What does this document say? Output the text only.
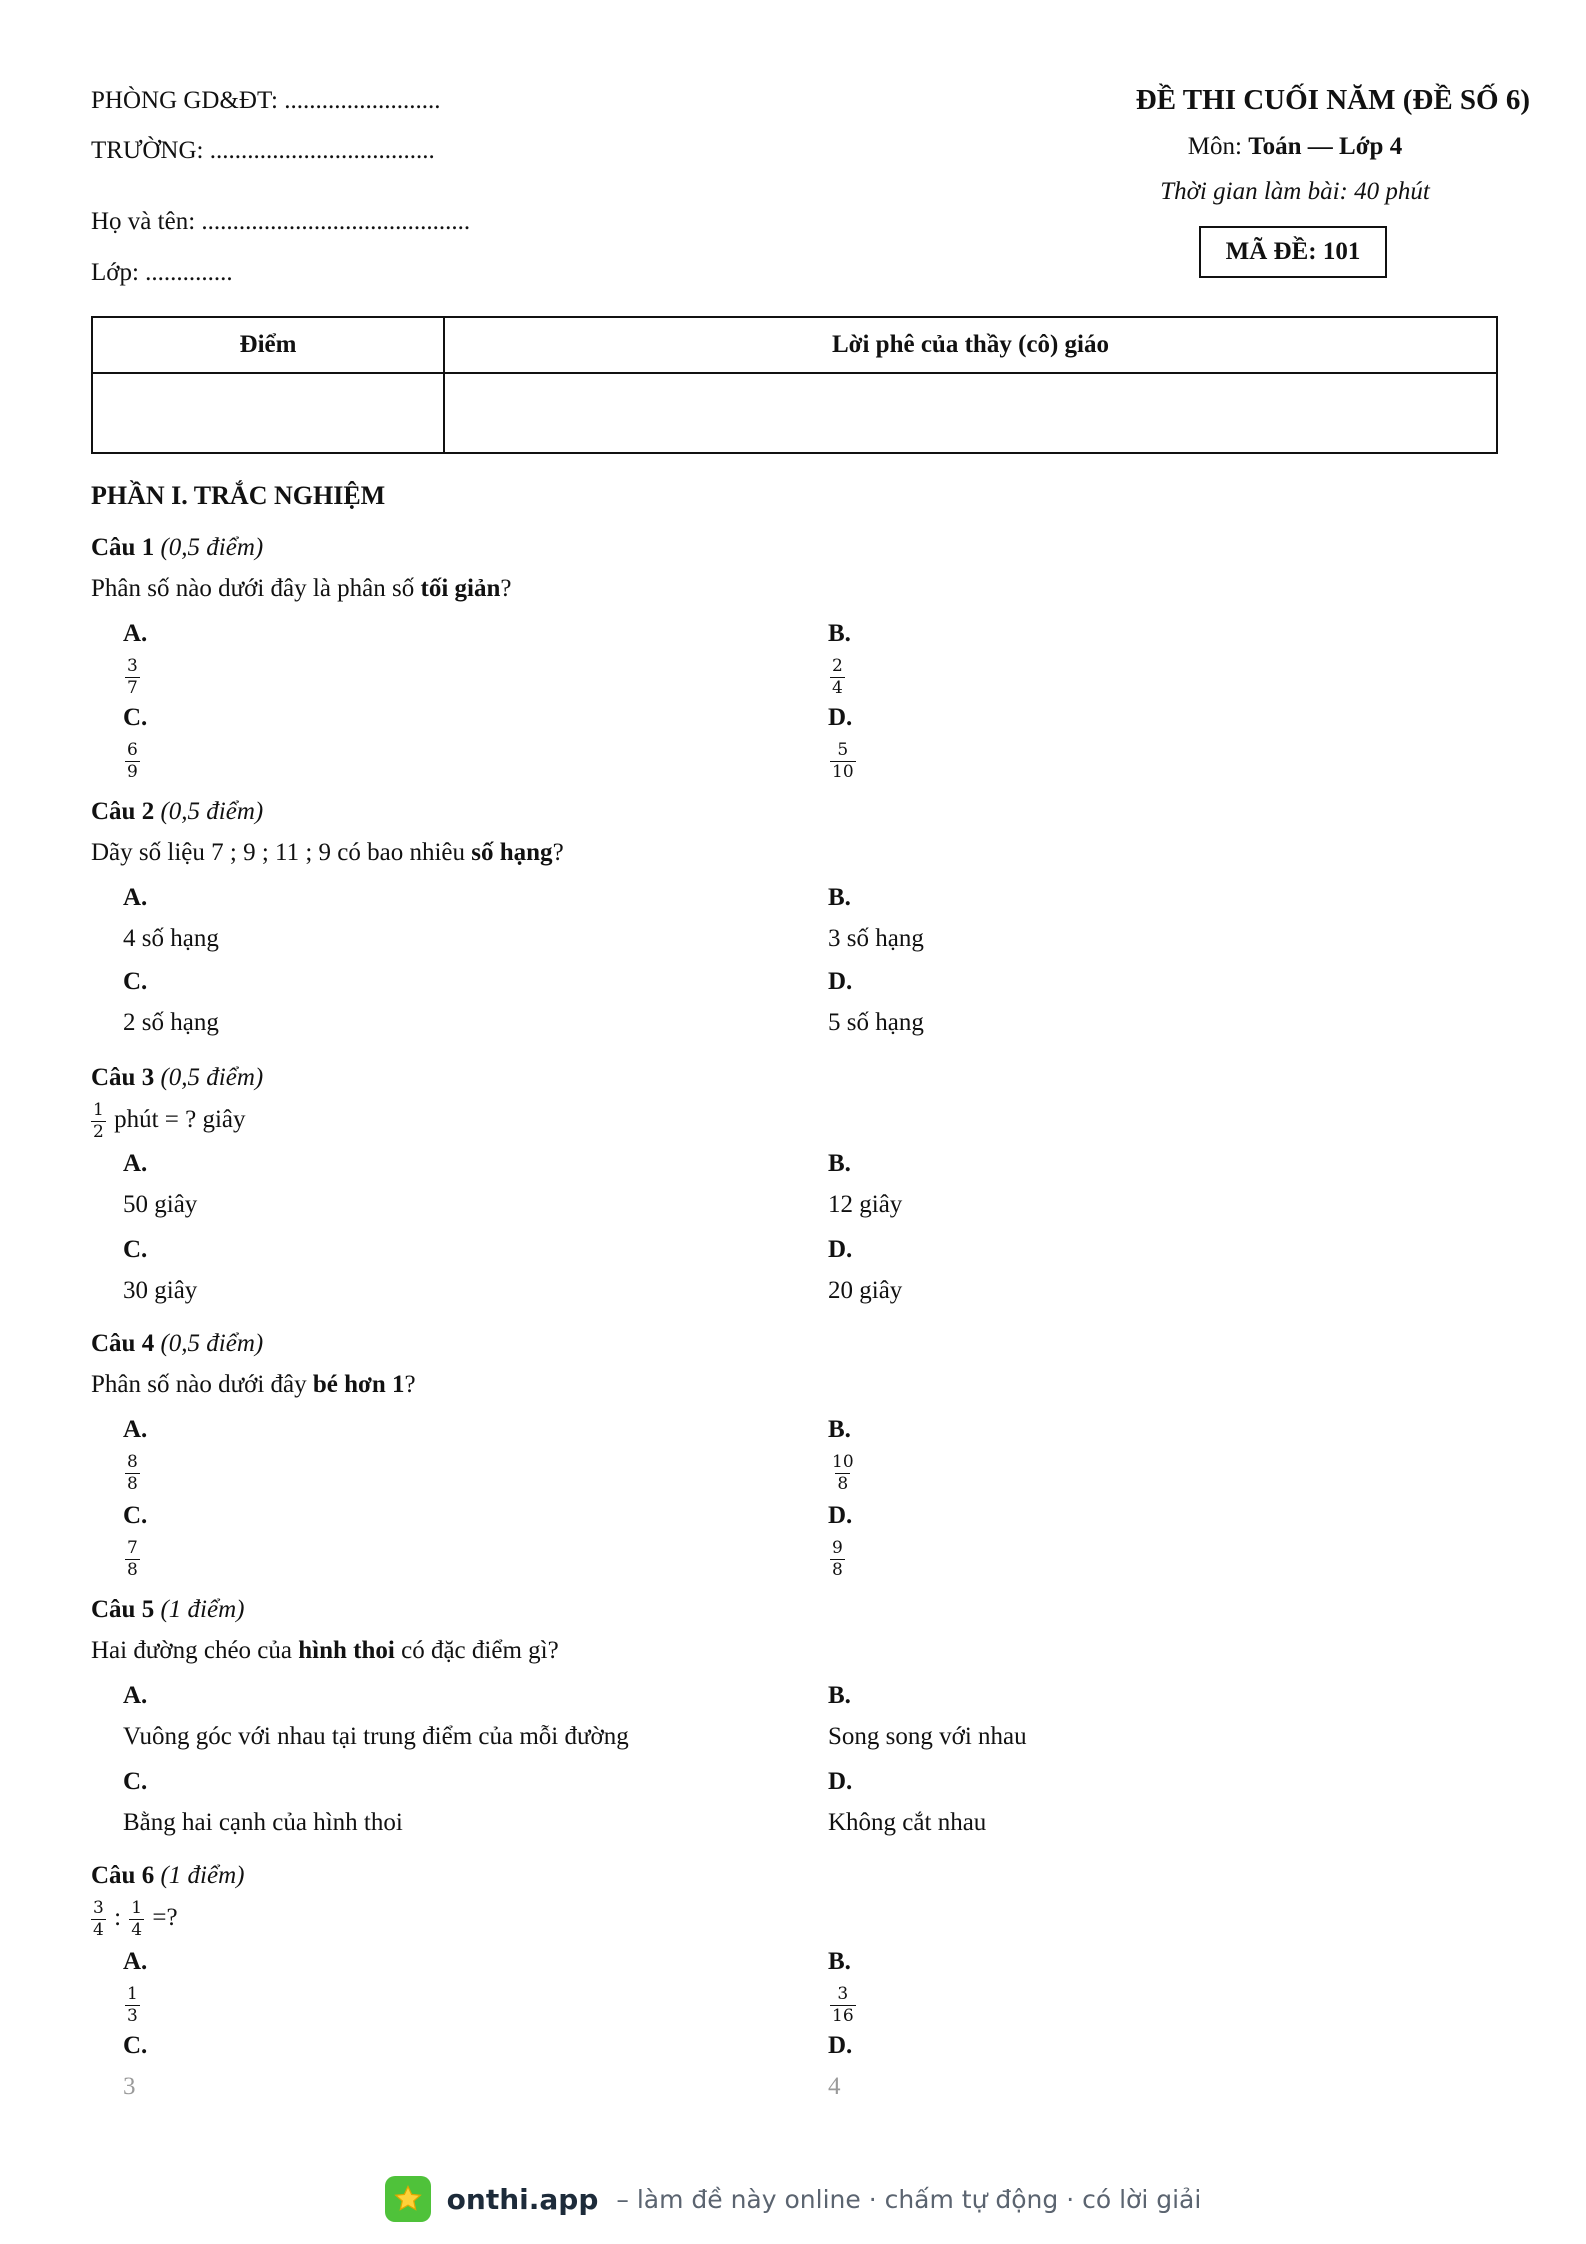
PHÒNG GD&ĐT: .........................
TRƯỜNG: ....................................
Họ và tên: ...........................................
Lớp: ..............
ĐỀ THI CUỐI NĂM (ĐỀ SỐ 6)
Môn: Toán — Lớp 4
Thời gian làm bài: 40 phút
MÃ ĐỀ: 101
Điểm	Lời phê của thầy (cô) giáo

PHẦN I. TRẮC NGHIỆM
Câu 1 (0,5 điểm)
Phân số nào dưới đây là phân số tối giản?
A.
$\frac{3}{7}$
B.
$\frac{2}{4}$
C.
$\frac{6}{9}$
D.
$\frac{5}{10}$
Câu 2 (0,5 điểm)
Dãy số liệu 7 ; 9 ; 11 ; 9 có bao nhiêu số hạng?
A.
4 số hạng
B.
3 số hạng
C.
2 số hạng
D.
5 số hạng
Câu 3 (0,5 điểm)
$\frac{1}{2}$ phút = ? giây
A.
50 giây
B.
12 giây
C.
30 giây
D.
20 giây
Câu 4 (0,5 điểm)
Phân số nào dưới đây bé hơn 1?
A.
$\frac{8}{8}$
B.
$\frac{10}{8}$
C.
$\frac{7}{8}$
D.
$\frac{9}{8}$
Câu 5 (1 điểm)
Hai đường chéo của hình thoi có đặc điểm gì?
A.
Vuông góc với nhau tại trung điểm của mỗi đường
B.
Song song với nhau
C.
Bằng hai cạnh của hình thoi
D.
Không cắt nhau
Câu 6 (1 điểm)
$\frac{3}{4}$ : $\frac{1}{4}$ =?
A.
$\frac{1}{3}$
B.
$\frac{3}{16}$
C.
3
D.
4
onthi.app – làm đề này online · chấm tự động · có lời giải
